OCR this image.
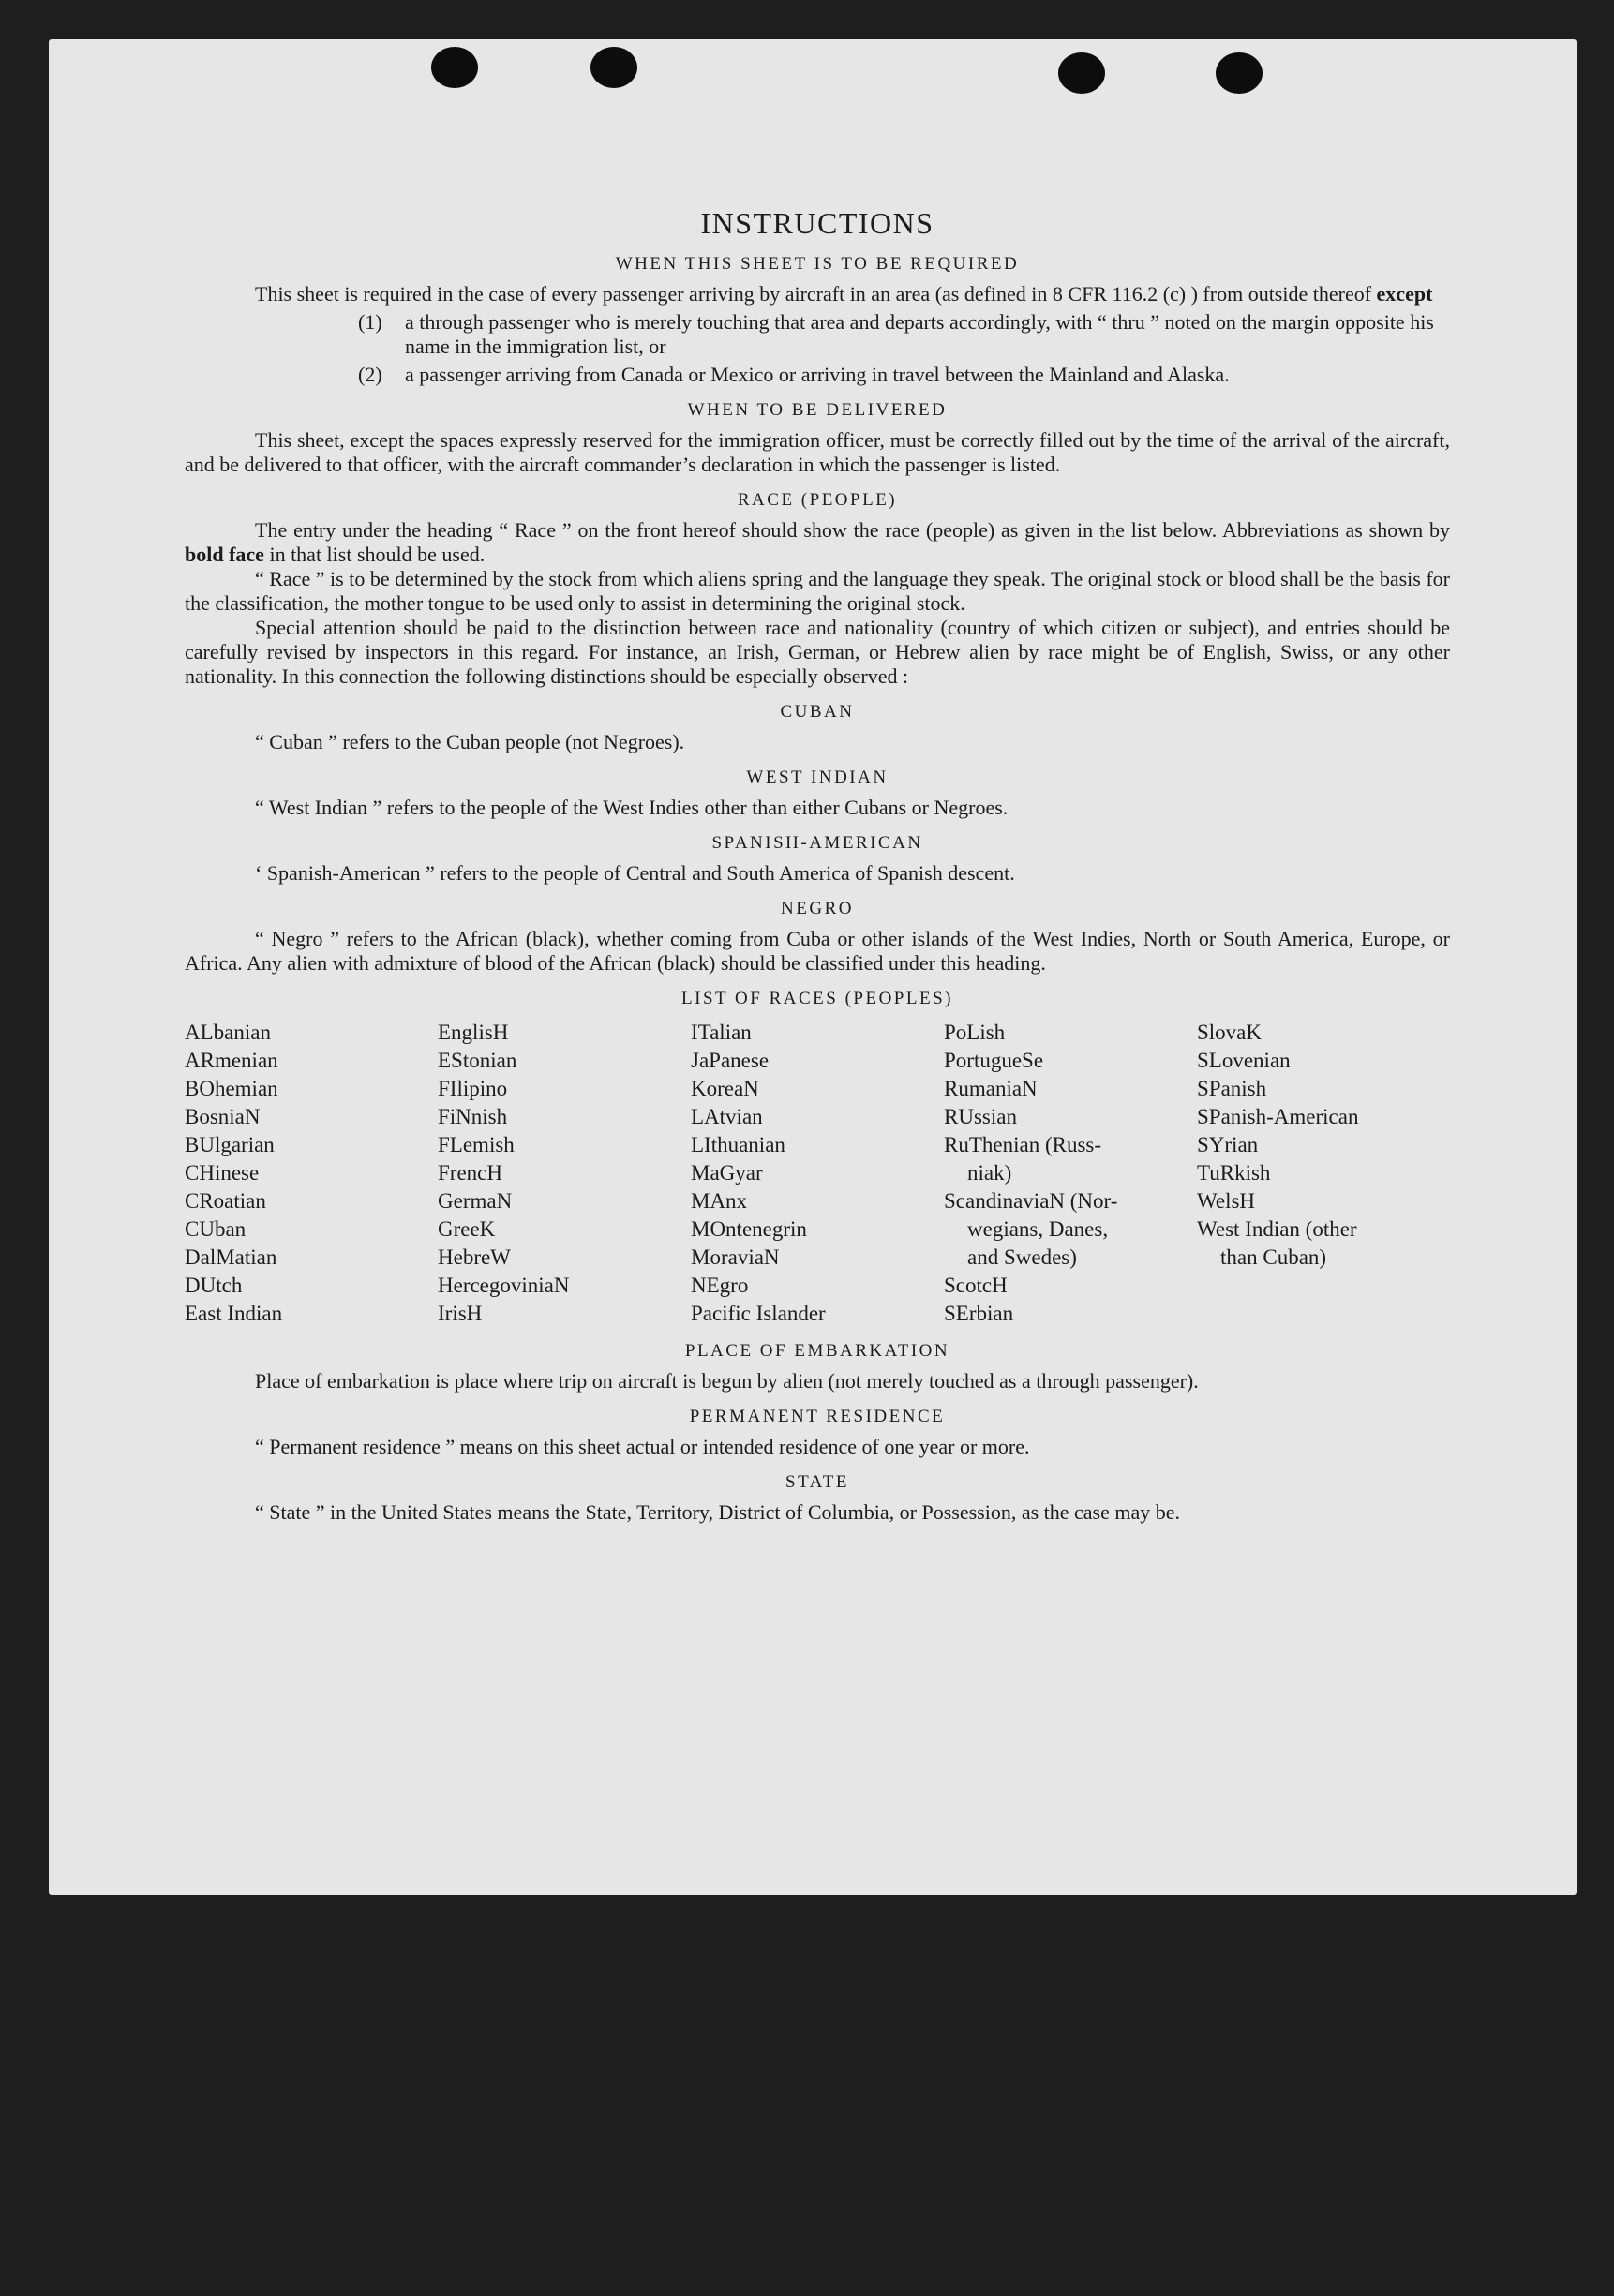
INSTRUCTIONS
WHEN THIS SHEET IS TO BE REQUIRED

This sheet is required in the case of every passenger arriving by aircraft in an area (as defined in 8 CFR 116.2 (c) ) from outside thereof except

(1) a through passenger who is merely touching that area and departs accordingly, with “ thru ” noted on the margin opposite his name in the immigration list, or
(2) a passenger arriving from Canada or Mexico or arriving in travel between the Mainland and Alaska.
WHEN TO BE DELIVERED

This sheet, except the spaces expressly reserved for the immigration officer, must be correctly filled out by the time of the arrival of the aircraft, and be delivered to that officer, with the aircraft commander’s declaration in which the passenger is listed.

RACE (PEOPLE)

The entry under the heading “ Race ” on the front hereof should show the race (people) as given in the list below. Abbreviations as shown by bold face in that list should be used.

“ Race ” is to be determined by the stock from which aliens spring and the language they speak. The original stock or blood shall be the basis for the classification, the mother tongue to be used only to assist in determining the original stock.

Special attention should be paid to the distinction between race and nationality (country of which citizen or subject), and entries should be carefully revised by inspectors in this regard. For instance, an Irish, German, or Hebrew alien by race might be of English, Swiss, or any other nationality. In this connection the following distinctions should be especially observed :

CUBAN

“ Cuban ” refers to the Cuban people (not Negroes).

WEST INDIAN

“ West Indian ” refers to the people of the West Indies other than either Cubans or Negroes.

SPANISH-AMERICAN

‘ Spanish-American ” refers to the people of Central and South America of Spanish descent.

NEGRO

“ Negro ” refers to the African (black), whether coming from Cuba or other islands of the West Indies, North or South America, Europe, or Africa. Any alien with admixture of blood of the African (black) should be classified under this heading.

LIST OF RACES (PEOPLES)
ALbanian
ARmenian
BOhemian
BosniaN
BUlgarian
CHinese
CRoatian
CUban
DalMatian
DUtch
East Indian
EnglisH
EStonian
FIlipino
FiNnish
FLemish
FrencH
GermaN
GreeK
HebreW
HercegoviniaN
IrisH
ITalian
JaPanese
KoreaN
LAtvian
LIthuanian
MaGyar
MAnx
MOntenegrin
MoraviaN
NEgro
Pacific Islander
PoLish
PortugueSe
RumaniaN
RUssian
RuThenian (Russ-
niak)
ScandinaviaN (Nor-
wegians, Danes,
and Swedes)
ScotcH
SErbian
SlovaK
SLovenian
SPanish
SPanish-American
SYrian
TuRkish
WelsH
West Indian (other
than Cuban)
PLACE OF EMBARKATION

Place of embarkation is place where trip on aircraft is begun by alien (not merely touched as a through passenger).

PERMANENT RESIDENCE

“ Permanent residence ” means on this sheet actual or intended residence of one year or more.

STATE

“ State ” in the United States means the State, Territory, District of Columbia, or Possession, as the case may be.
